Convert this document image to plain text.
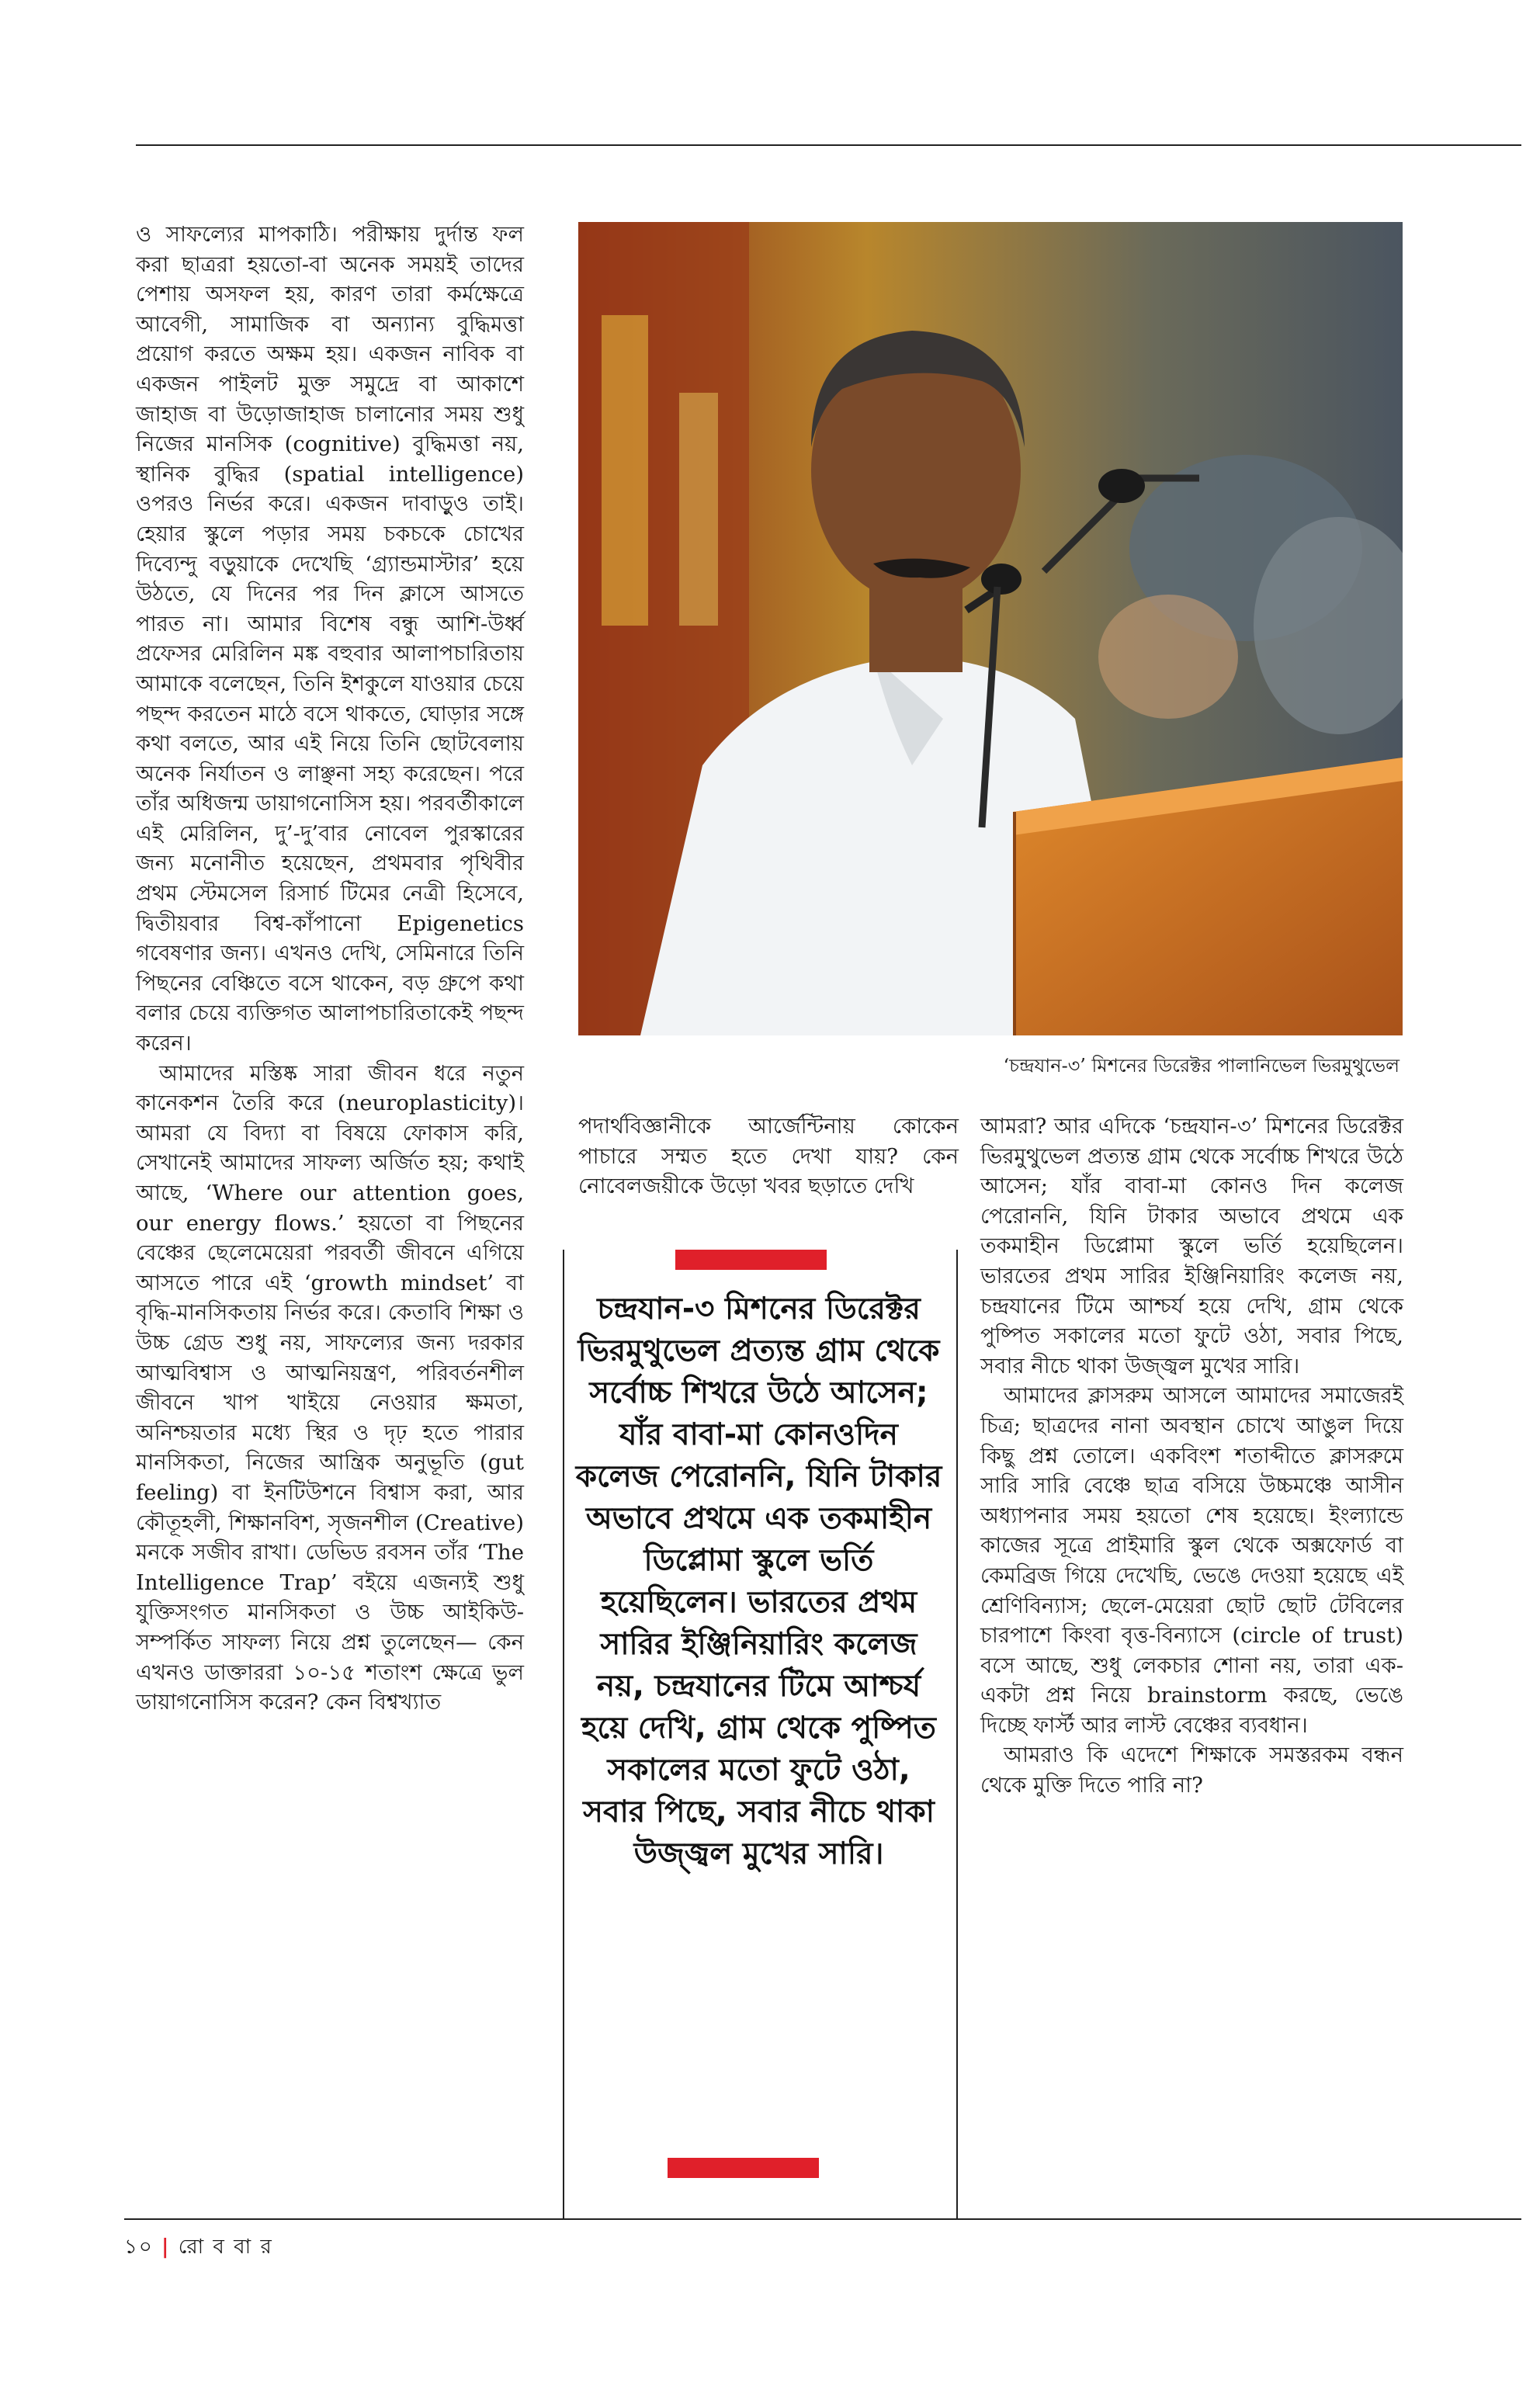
ও সাফল্যের মাপকাঠি। পরীক্ষায় দুর্দান্ত ফল করা ছাত্ররা হয়তো-বা অনেক সময়ই তাদের পেশায় অসফল হয়, কারণ তারা কর্মক্ষেত্রে আবেগী, সামাজিক বা অন্যান্য বুদ্ধিমত্তা প্রয়োগ করতে অক্ষম হয়। একজন নাবিক বা একজন পাইলট মুক্ত সমুদ্রে বা আকাশে জাহাজ বা উড়োজাহাজ চালানোর সময় শুধু নিজের মানসিক (cognitive) বুদ্ধিমত্তা নয়, স্থানিক বুদ্ধির (spatial intelligence) ওপরও নির্ভর করে। একজন দাবাড়ুও তাই। হেয়ার স্কুলে পড়ার সময় চকচকে চোখের দিব্যেন্দু বড়ুয়াকে দেখেছি ‘গ্র্যান্ডমাস্টার’ হয়ে উঠতে, যে দিনের পর দিন ক্লাসে আসতে পারত না। আমার বিশেষ বন্ধু আশি-উর্ধ্ব প্রফেসর মেরিলিন মঙ্ক বহুবার আলাপচারিতায় আমাকে বলেছেন, তিনি ইশকুলে যাওয়ার চেয়ে পছন্দ করতেন মাঠে বসে থাকতে, ঘোড়ার সঙ্গে কথা বলতে, আর এই নিয়ে তিনি ছোটবেলায় অনেক নির্যাতন ও লাঞ্ছনা সহ্য করেছেন। পরে তাঁর অধিজন্ম ডায়াগনোসিস হয়। পরবর্তীকালে এই মেরিলিন, দু’-দু’বার নোবেল পুরস্কারের জন্য মনোনীত হয়েছেন, প্রথমবার পৃথিবীর প্রথম স্টেমসেল রিসার্চ টিমের নেত্রী হিসেবে, দ্বিতীয়বার বিশ্ব-কাঁপানো Epigenetics গবেষণার জন্য। এখনও দেখি, সেমিনারে তিনি পিছনের বেঞ্চিতে বসে থাকেন, বড় গ্রুপে কথা বলার চেয়ে ব্যক্তিগত আলাপচারিতাকেই পছন্দ করেন।

আমাদের মস্তিষ্ক সারা জীবন ধরে নতুন কানেকশন তৈরি করে (neuroplasticity)। আমরা যে বিদ্যা বা বিষয়ে ফোকাস করি, সেখানেই আমাদের সাফল্য অর্জিত হয়; কথাই আছে, ‘Where our attention goes, our energy flows.’ হয়তো বা পিছনের বেঞ্চের ছেলেমেয়েরা পরবর্তী জীবনে এগিয়ে আসতে পারে এই ‘growth mindset’ বা বৃদ্ধি-মানসিকতায় নির্ভর করে। কেতাবি শিক্ষা ও উচ্চ গ্রেড শুধু নয়, সাফল্যের জন্য দরকার আত্মবিশ্বাস ও আত্মনিয়ন্ত্রণ, পরিবর্তনশীল জীবনে খাপ খাইয়ে নেওয়ার ক্ষমতা, অনিশ্চয়তার মধ্যে স্থির ও দৃঢ় হতে পারার মানসিকতা, নিজের আন্ত্রিক অনুভূতি (gut feeling) বা ইনটিউশনে বিশ্বাস করা, আর কৌতূহলী, শিক্ষানবিশ, সৃজনশীল (Creative) মনকে সজীব রাখা। ডেভিড রবসন তাঁর ‘The Intelligence Trap’ বইয়ে এজন্যই শুধু যুক্তিসংগত মানসিকতা ও উচ্চ আইকিউ-সম্পর্কিত সাফল্য নিয়ে প্রশ্ন তুলেছেন— কেন এখনও ডাক্তাররা ১০-১৫ শতাংশ ক্ষেত্রে ভুল ডায়াগনোসিস করেন? কেন বিশ্বখ্যাত

‘চন্দ্রযান-৩’ মিশনের ডিরেক্টর পালানিভেল ভিরমুথুভেল

পদার্থবিজ্ঞানীকে আর্জেন্টিনায় কোকেন পাচারে সম্মত হতে দেখা যায়? কেন নোবেলজয়ীকে উড়ো খবর ছড়াতে দেখি

চন্দ্রযান-৩ মিশনের ডিরেক্টর ভিরমুথুভেল প্রত্যন্ত গ্রাম থেকে সর্বোচ্চ শিখরে উঠে আসেন; যাঁর বাবা-মা কোনওদিন কলেজ পেরোননি, যিনি টাকার অভাবে প্রথমে এক তকমাহীন ডিপ্লোমা স্কুলে ভর্তি হয়েছিলেন। ভারতের প্রথম সারির ইঞ্জিনিয়ারিং কলেজ নয়, চন্দ্রযানের টিমে আশ্চর্য হয়ে দেখি, গ্রাম থেকে পুষ্পিত সকালের মতো ফুটে ওঠা, সবার পিছে, সবার নীচে থাকা উজ্জ্বল মুখের সারি।

আমরা? আর এদিকে ‘চন্দ্রযান-৩’ মিশনের ডিরেক্টর ভিরমুথুভেল প্রত্যন্ত গ্রাম থেকে সর্বোচ্চ শিখরে উঠে আসেন; যাঁর বাবা-মা কোনও দিন কলেজ পেরোননি, যিনি টাকার অভাবে প্রথমে এক তকমাহীন ডিপ্লোমা স্কুলে ভর্তি হয়েছিলেন। ভারতের প্রথম সারির ইঞ্জিনিয়ারিং কলেজ নয়, চন্দ্রযানের টিমে আশ্চর্য হয়ে দেখি, গ্রাম থেকে পুষ্পিত সকালের মতো ফুটে ওঠা, সবার পিছে, সবার নীচে থাকা উজ্জ্বল মুখের সারি।

আমাদের ক্লাসরুম আসলে আমাদের সমাজেরই চিত্র; ছাত্রদের নানা অবস্থান চোখে আঙুল দিয়ে কিছু প্রশ্ন তোলে। একবিংশ শতাব্দীতে ক্লাসরুমে সারি সারি বেঞ্চে ছাত্র বসিয়ে উচ্চমঞ্চে আসীন অধ্যাপনার সময় হয়তো শেষ হয়েছে। ইংল্যান্ডে কাজের সূত্রে প্রাইমারি স্কুল থেকে অক্সফোর্ড বা কেমব্রিজ গিয়ে দেখেছি, ভেঙে দেওয়া হয়েছে এই শ্রেণিবিন্যাস; ছেলে-মেয়েরা ছোট ছোট টেবিলের চারপাশে কিংবা বৃত্ত-বিন্যাসে (circle of trust) বসে আছে, শুধু লেকচার শোনা নয়, তারা এক-একটা প্রশ্ন নিয়ে brainstorm করছে, ভেঙে দিচ্ছে ফার্স্ট আর লাস্ট বেঞ্চের ব্যবধান।

আমরাও কি এদেশে শিক্ষাকে সমস্তরকম বন্ধন থেকে মুক্তি দিতে পারি না?

১০ | রো ব বা র
